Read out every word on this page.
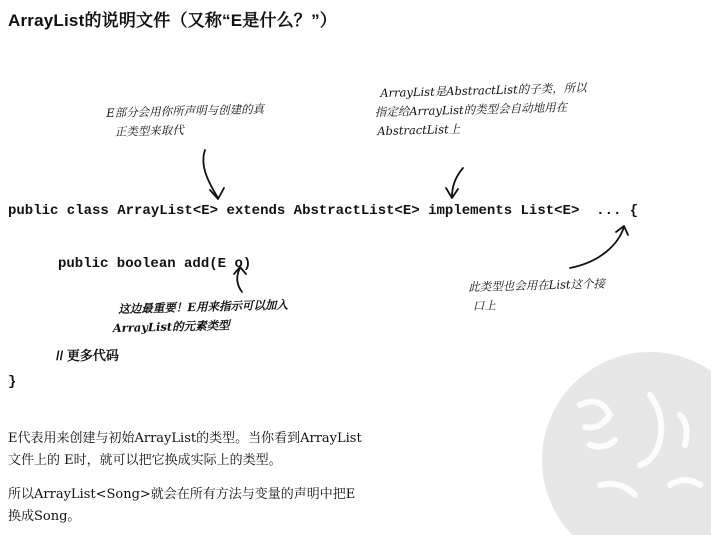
ArrayList的说明文件（又称“E是什么？”）
E部分会用你所声明与创建的真
正类型来取代
ArrayList是AbstractList的子类，所以
指定给ArrayList的类型会自动地用在
AbstractList上
public class ArrayList<E> extends AbstractList<E> implements List<E>  ... {
public boolean add(E o)
这边最重要！E用来指示可以加入
ArrayList的元素类型
此类型也会用在List这个接
口上
// 更多代码
}
E代表用来创建与初始ArrayList的类型。当你看到ArrayList
文件上的 E时，就可以把它换成实际上的类型。
所以ArrayList<Song>就会在所有方法与变量的声明中把E
换成Song。
